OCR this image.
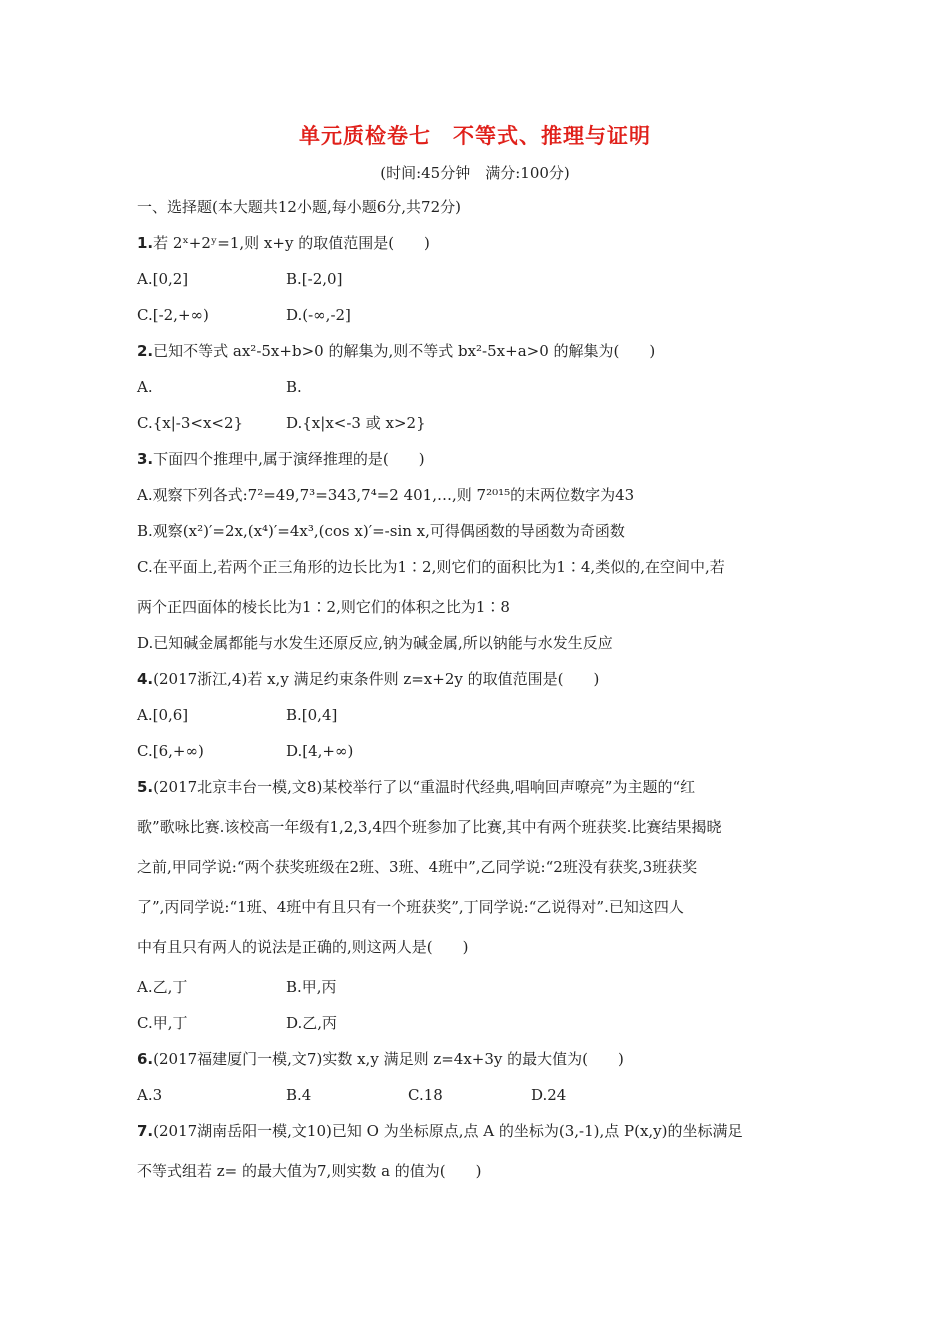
单元质检卷七　不等式、推理与证明
(时间:45分钟　满分:100分)
一、选择题(本大题共12小题,每小题6分,共72分)
1.若 2ˣ+2ʸ=1,则 x+y 的取值范围是(　　)
A.[0,2]	B.[-2,0]
C.[-2,+∞)	D.(-∞,-2]
2.已知不等式 ax²-5x+b>0 的解集为,则不等式 bx²-5x+a>0 的解集为(　　)
A.	B.
C.{x|-3<x<2}	D.{x|x<-3 或 x>2}
3.下面四个推理中,属于演绎推理的是(　　)
A.观察下列各式:7²=49,7³=343,7⁴=2 401,…,则 7²⁰¹⁵的末两位数字为43
B.观察(x²)′=2x,(x⁴)′=4x³,(cos x)′=-sin x,可得偶函数的导函数为奇函数
C.在平面上,若两个正三角形的边长比为1∶2,则它们的面积比为1∶4,类似的,在空间中,若
两个正四面体的棱长比为1∶2,则它们的体积之比为1∶8
D.已知碱金属都能与水发生还原反应,钠为碱金属,所以钠能与水发生反应
4.(2017浙江,4)若 x,y 满足约束条件则 z=x+2y 的取值范围是(　　)
A.[0,6]	B.[0,4]
C.[6,+∞)	D.[4,+∞)
5.(2017北京丰台一模,文8)某校举行了以“重温时代经典,唱响回声嘹亮”为主题的“红
歌”歌咏比赛.该校高一年级有1,2,3,4四个班参加了比赛,其中有两个班获奖.比赛结果揭晓
之前,甲同学说:“两个获奖班级在2班、3班、4班中”,乙同学说:“2班没有获奖,3班获奖
了”,丙同学说:“1班、4班中有且只有一个班获奖”,丁同学说:“乙说得对”.已知这四人
中有且只有两人的说法是正确的,则这两人是(　　)
A.乙,丁	B.甲,丙
C.甲,丁	D.乙,丙
6.(2017福建厦门一模,文7)实数 x,y 满足则 z=4x+3y 的最大值为(　　)
A.3	B.4	C.18	D.24
7.(2017湖南岳阳一模,文10)已知 O 为坐标原点,点 A 的坐标为(3,-1),点 P(x,y)的坐标满足
不等式组若 z= 的最大值为7,则实数 a 的值为(　　)
